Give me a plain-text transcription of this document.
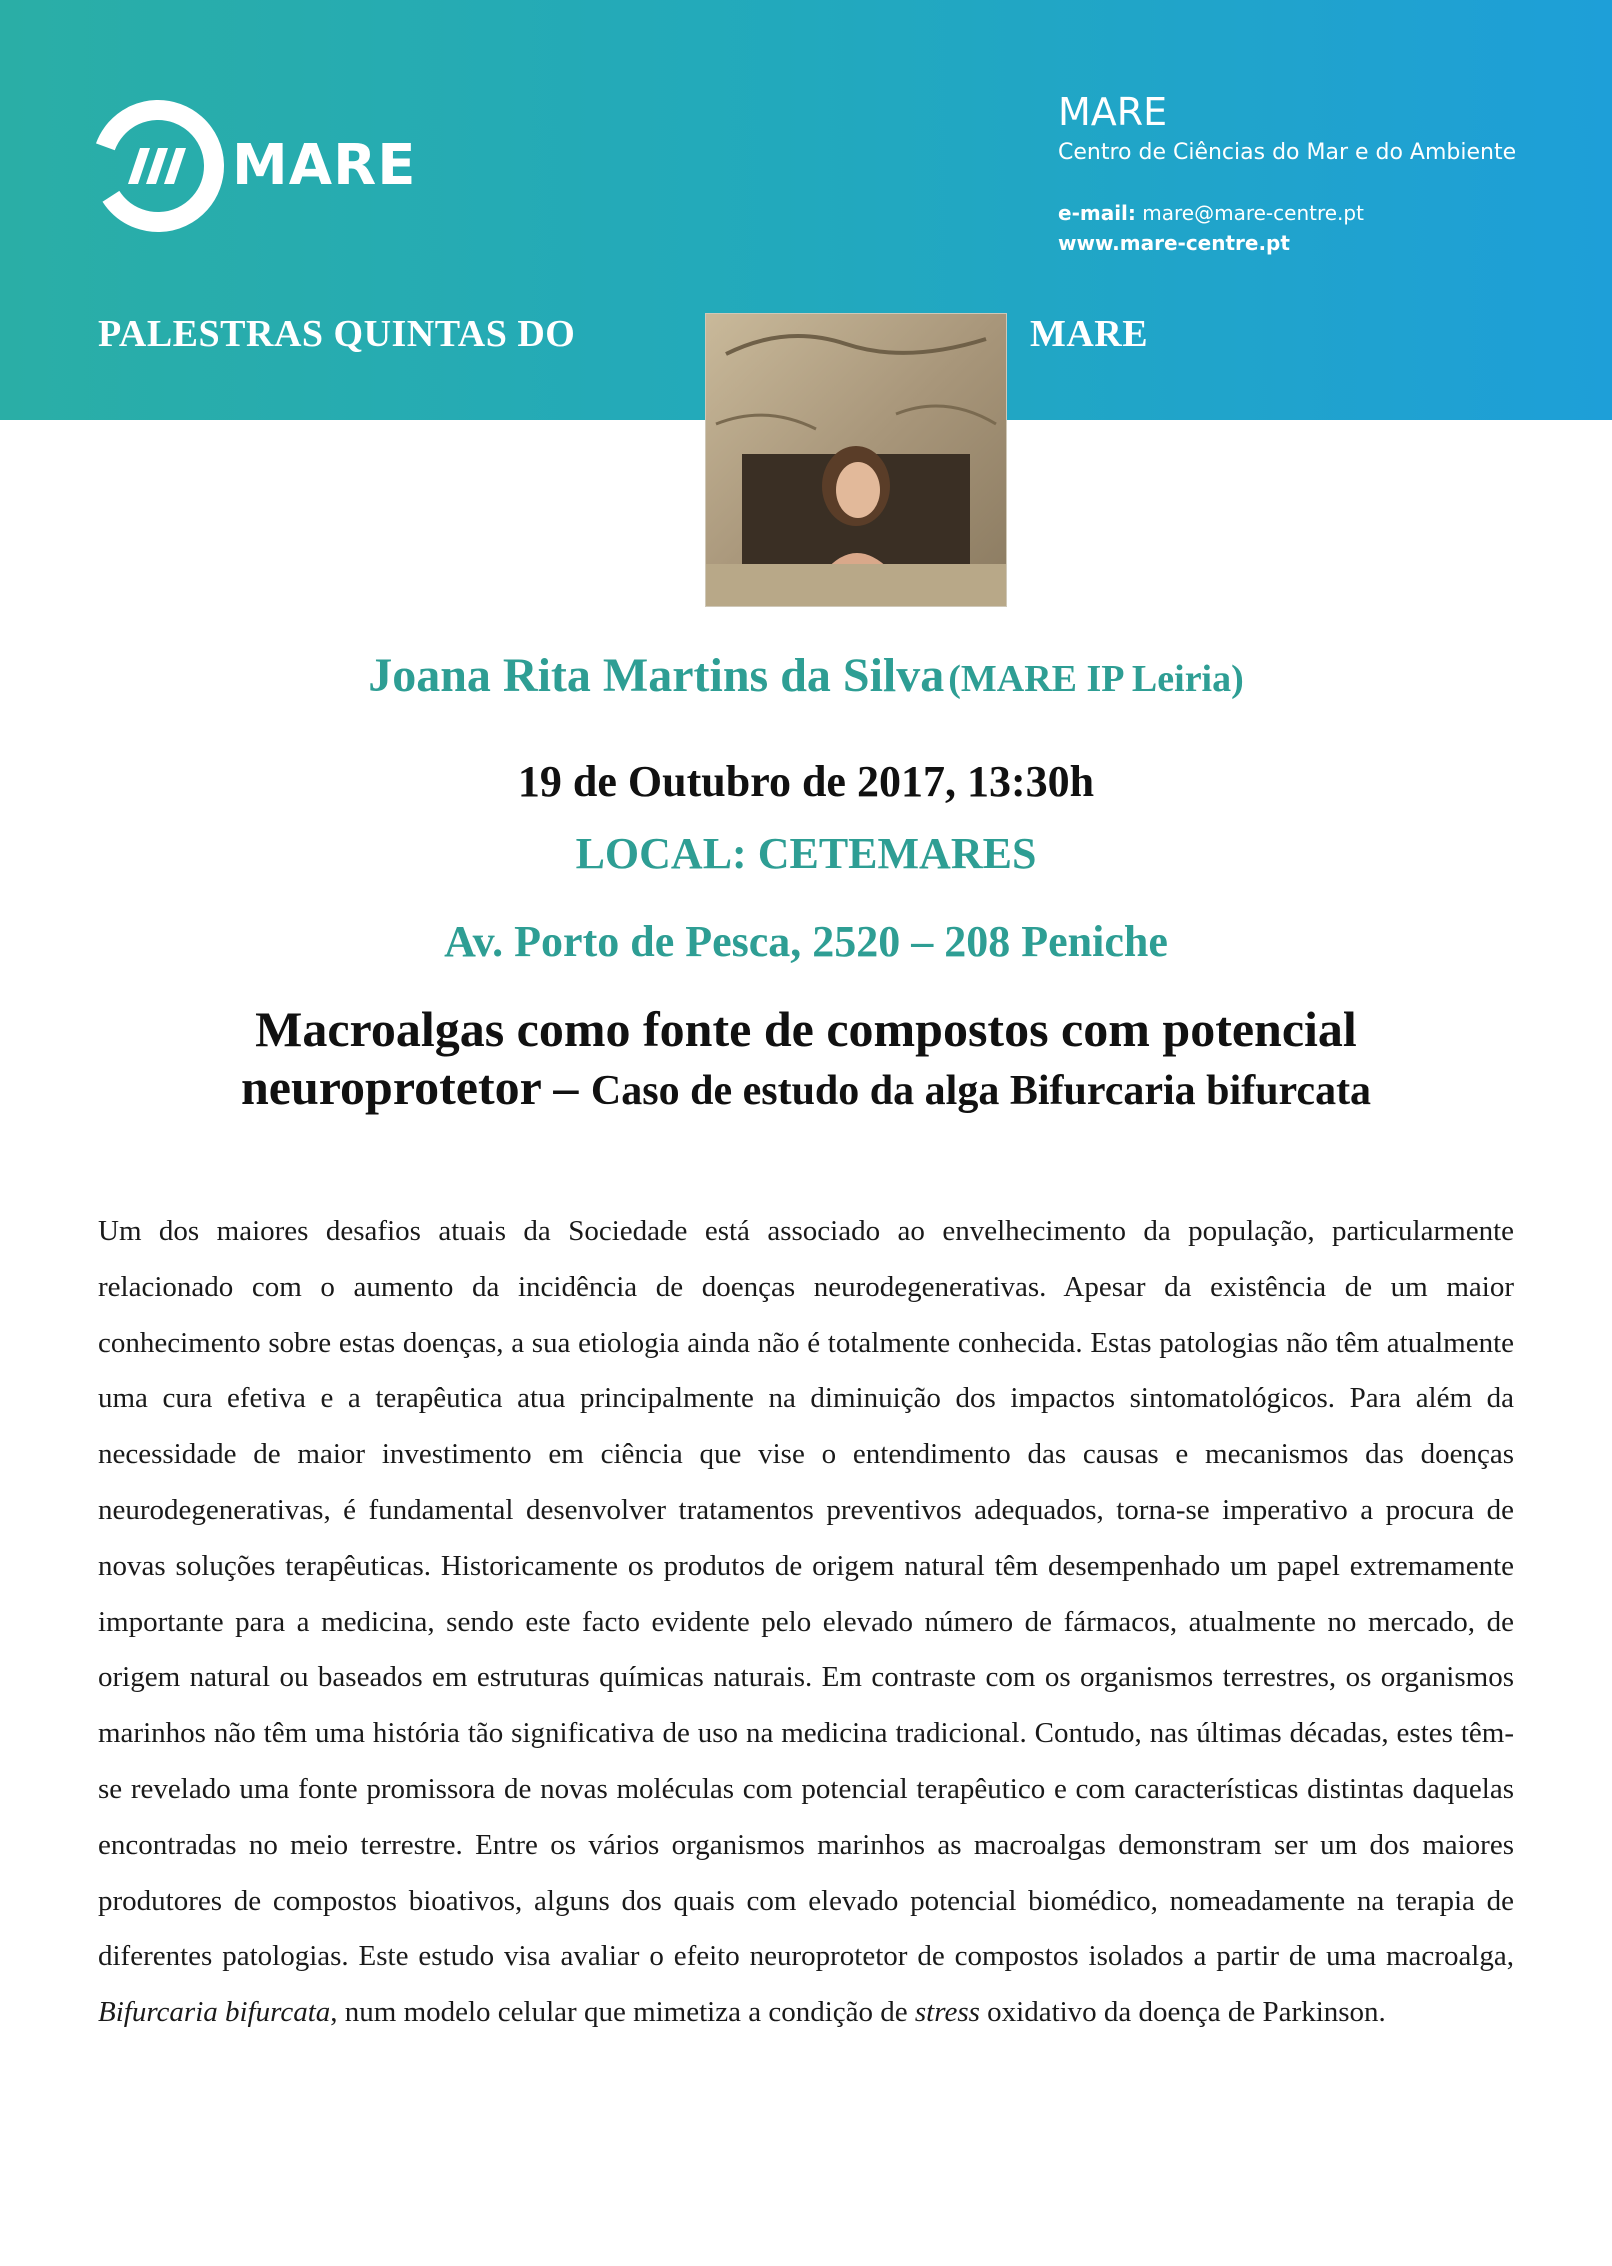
MARE
MARE
Centro de Ciências do Mar e do Ambiente
e-mail: mare@mare-centre.pt
www.mare-centre.pt
PALESTRAS QUINTAS DO	MARE
Joana Rita Martins da Silva (MARE IP Leiria)
19 de Outubro de 2017, 13:30h
LOCAL: CETEMARES
Av. Porto de Pesca, 2520 – 208 Peniche
Macroalgas como fonte de compostos com potencial
neuroprotetor – Caso de estudo da alga Bifurcaria bifurcata
Um dos maiores desafios atuais da Sociedade está associado ao envelhecimento da população, particularmente relacionado com o aumento da incidência de doenças neurodegenerativas. Apesar da existência de um maior conhecimento sobre estas doenças, a sua etiologia ainda não é totalmente conhecida. Estas patologias não têm atualmente uma cura efetiva e a terapêutica atua principalmente na diminuição dos impactos sintomatológicos. Para além da necessidade de maior investimento em ciência que vise o entendimento das causas e mecanismos das doenças neurodegenerativas, é fundamental desenvolver tratamentos preventivos adequados, torna-se imperativo a procura de novas soluções terapêuticas. Historicamente os produtos de origem natural têm desempenhado um papel extremamente importante para a medicina, sendo este facto evidente pelo elevado número de fármacos, atualmente no mercado, de origem natural ou baseados em estruturas químicas naturais. Em contraste com os organismos terrestres, os organismos marinhos não têm uma história tão significativa de uso na medicina tradicional. Contudo, nas últimas décadas, estes têm-se revelado uma fonte promissora de novas moléculas com potencial terapêutico e com características distintas daquelas encontradas no meio terrestre. Entre os vários organismos marinhos as macroalgas demonstram ser um dos maiores produtores de compostos bioativos, alguns dos quais com elevado potencial biomédico, nomeadamente na terapia de diferentes patologias. Este estudo visa avaliar o efeito neuroprotetor de compostos isolados a partir de uma macroalga, Bifurcaria bifurcata, num modelo celular que mimetiza a condição de stress oxidativo da doença de Parkinson.
